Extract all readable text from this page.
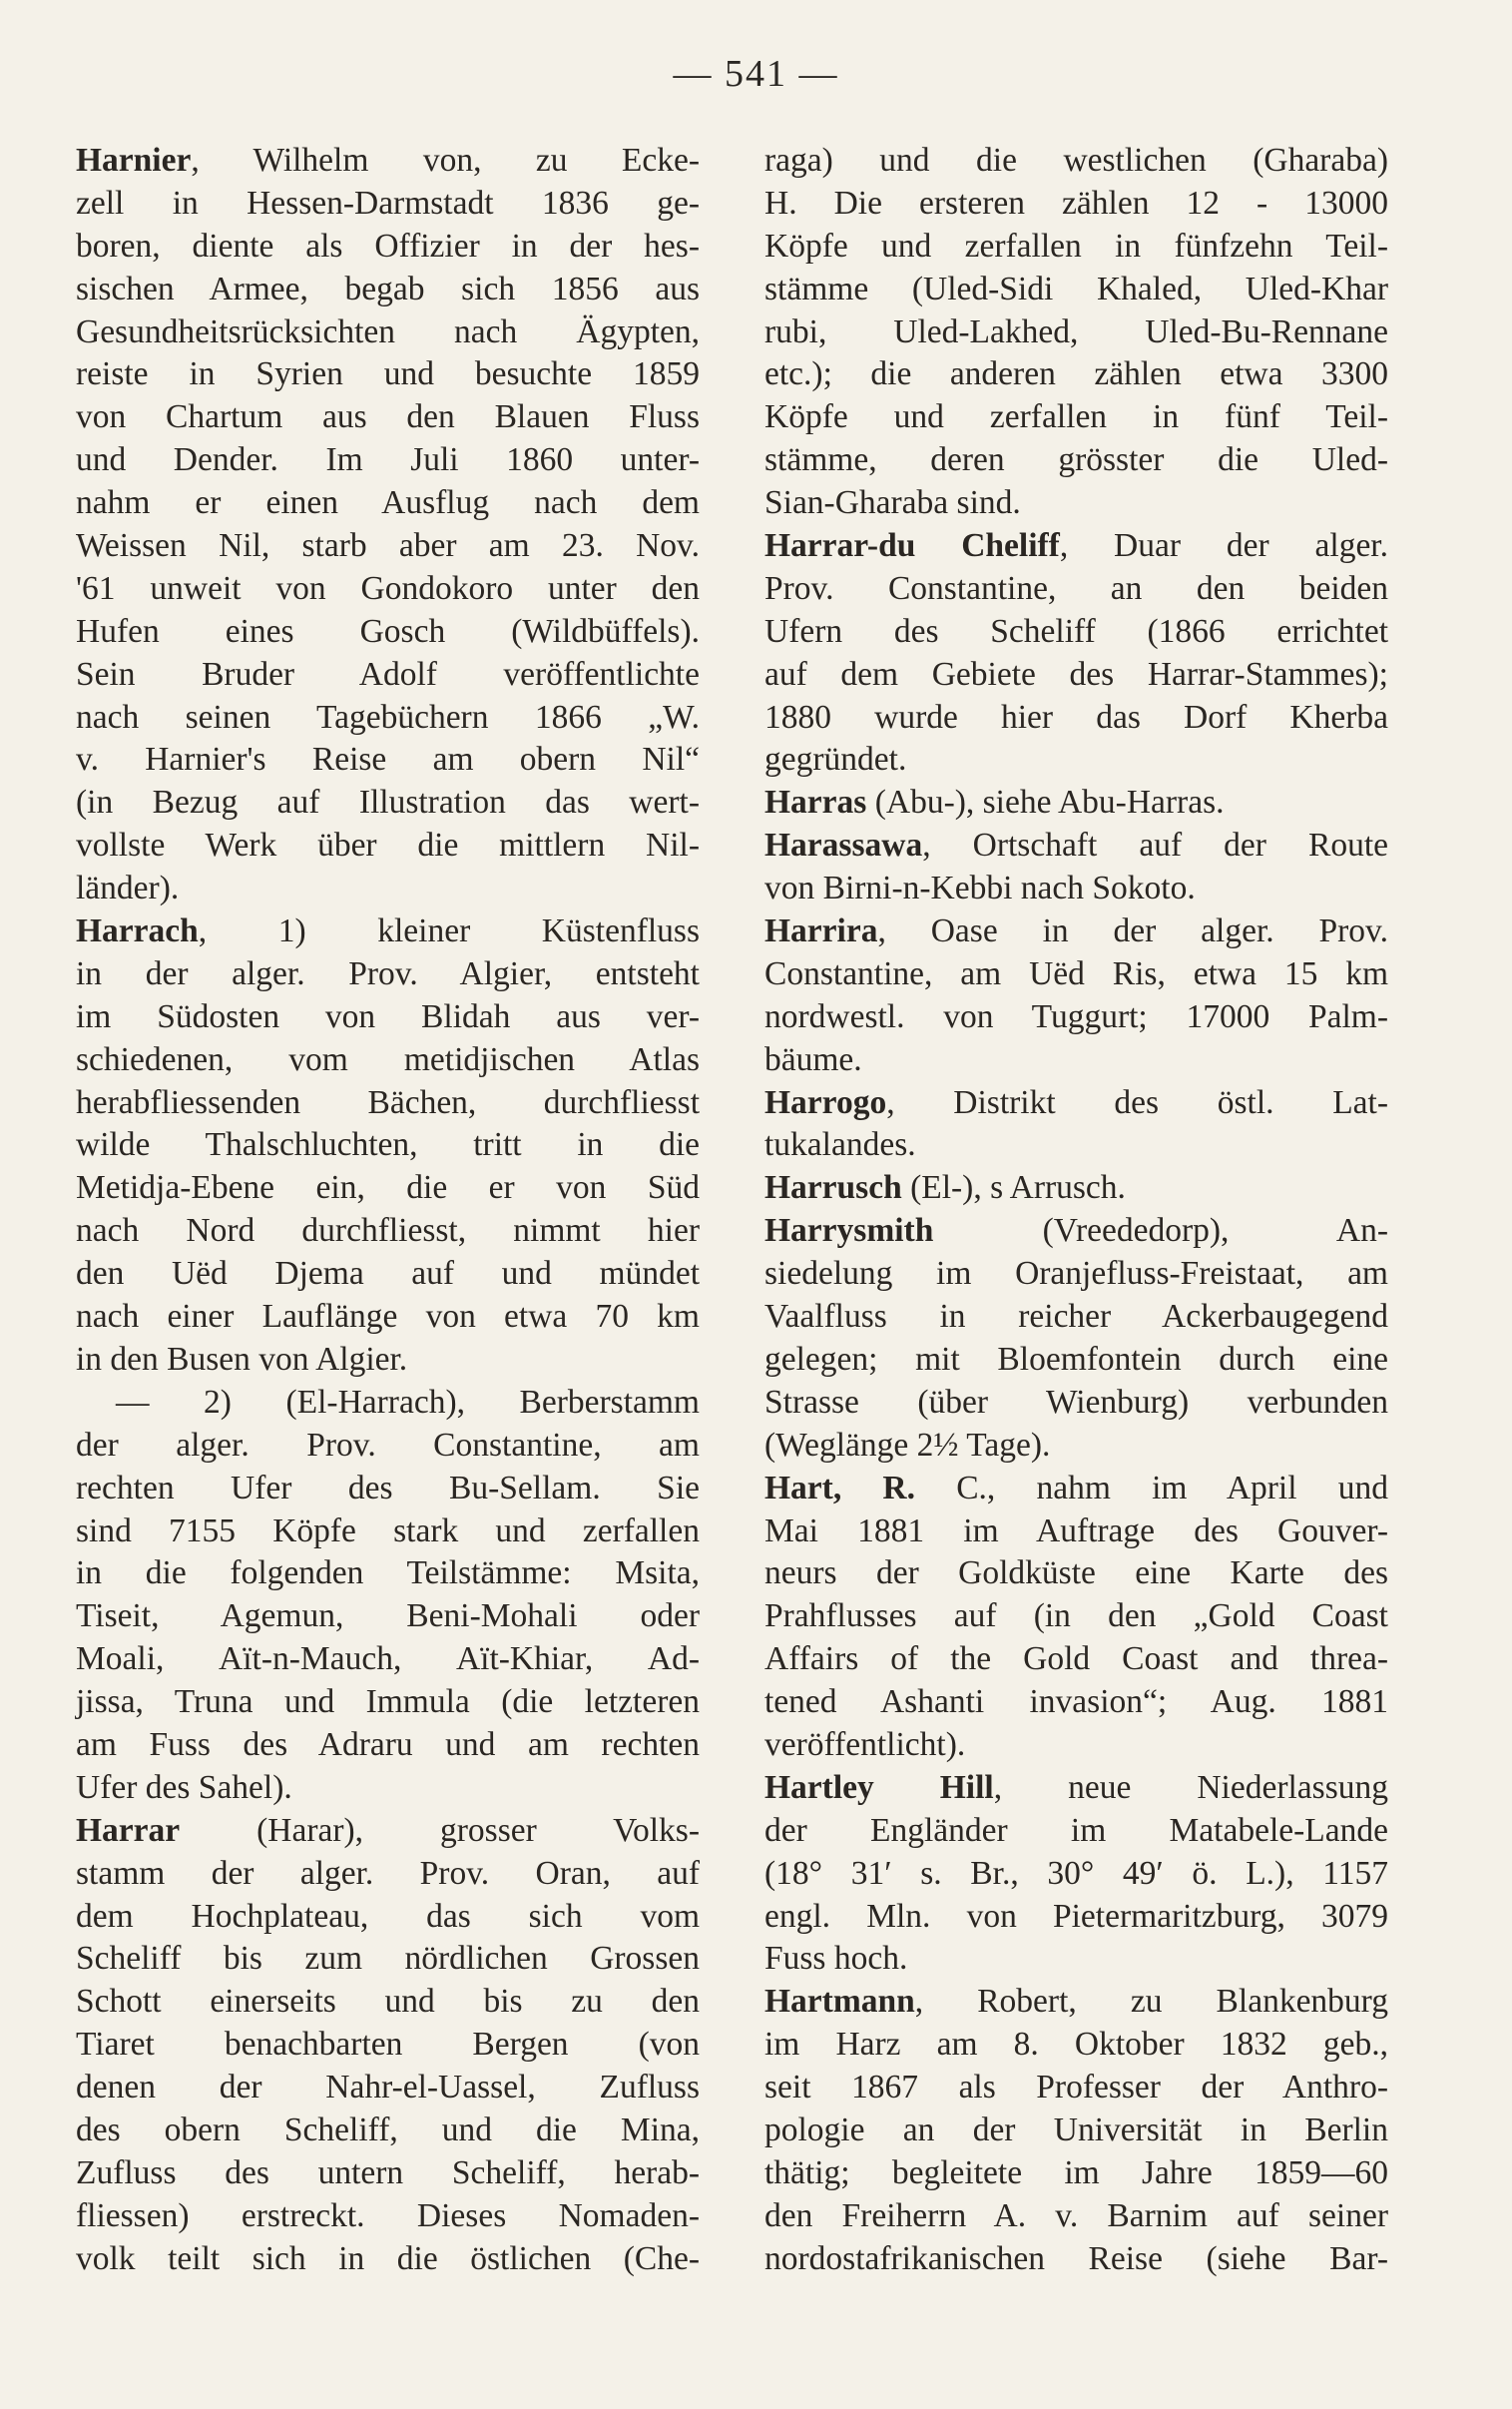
— 541 —
Harnier, Wilhelm von, zu Ecke-
zell in Hessen-Darmstadt 1836 ge-
boren, diente als Offizier in der hes-
sischen Armee, begab sich 1856 aus
Gesundheitsrücksichten nach Ägypten,
reiste in Syrien und besuchte 1859
von Chartum aus den Blauen Fluss
und Dender. Im Juli 1860 unter-
nahm er einen Ausflug nach dem
Weissen Nil, starb aber am 23. Nov.
'61 unweit von Gondokoro unter den
Hufen eines Gosch (Wildbüffels).
Sein Bruder Adolf veröffentlichte
nach seinen Tagebüchern 1866 „W.
v. Harnier's Reise am obern Nil“
(in Bezug auf Illustration das wert-
vollste Werk über die mittlern Nil-
länder).
Harrach, 1) kleiner Küstenfluss
in der alger. Prov. Algier, entsteht
im Südosten von Blidah aus ver-
schiedenen, vom metidjischen Atlas
herabfliessenden Bächen, durchfliesst
wilde Thalschluchten, tritt in die
Metidja-Ebene ein, die er von Süd
nach Nord durchfliesst, nimmt hier
den Uëd Djema auf und mündet
nach einer Lauflänge von etwa 70 km
in den Busen von Algier.
— 2) (El-Harrach), Berberstamm
der alger. Prov. Constantine, am
rechten Ufer des Bu-Sellam. Sie
sind 7155 Köpfe stark und zerfallen
in die folgenden Teilstämme: Msita,
Tiseit, Agemun, Beni-Mohali oder
Moali, Aït-n-Mauch, Aït-Khiar, Ad-
jissa, Truna und Immula (die letzteren
am Fuss des Adraru und am rechten
Ufer des Sahel).
Harrar (Harar), grosser Volks-
stamm der alger. Prov. Oran, auf
dem Hochplateau, das sich vom
Scheliff bis zum nördlichen Grossen
Schott einerseits und bis zu den
Tiaret benachbarten Bergen (von
denen der Nahr-el-Uassel, Zufluss
des obern Scheliff, und die Mina,
Zufluss des untern Scheliff, herab-
fliessen) erstreckt. Dieses Nomaden-
volk teilt sich in die östlichen (Che-
raga) und die westlichen (Gharaba)
H. Die ersteren zählen 12 - 13000
Köpfe und zerfallen in fünfzehn Teil-
stämme (Uled-Sidi Khaled, Uled-Khar
rubi, Uled-Lakhed, Uled-Bu-Rennane
etc.); die anderen zählen etwa 3300
Köpfe und zerfallen in fünf Teil-
stämme, deren grösster die Uled-
Sian-Gharaba sind.
Harrar-du Cheliff, Duar der alger.
Prov. Constantine, an den beiden
Ufern des Scheliff (1866 errichtet
auf dem Gebiete des Harrar-Stammes);
1880 wurde hier das Dorf Kherba
gegründet.
Harras (Abu-), siehe Abu-Harras.
Harassawa, Ortschaft auf der Route
von Birni-n-Kebbi nach Sokoto.
Harrira, Oase in der alger. Prov.
Constantine, am Uëd Ris, etwa 15 km
nordwestl. von Tuggurt; 17000 Palm-
bäume.
Harrogo, Distrikt des östl. Lat-
tukalandes.
Harrusch (El-), s Arrusch.
Harrysmith (Vreededorp), An-
siedelung im Oranjefluss-Freistaat, am
Vaalfluss in reicher Ackerbaugegend
gelegen; mit Bloemfontein durch eine
Strasse (über Wienburg) verbunden
(Weglänge 2½ Tage).
Hart, R. C., nahm im April und
Mai 1881 im Auftrage des Gouver-
neurs der Goldküste eine Karte des
Prahflusses auf (in den „Gold Coast
Affairs of the Gold Coast and threa-
tened Ashanti invasion“; Aug. 1881
veröffentlicht).
Hartley Hill, neue Niederlassung
der Engländer im Matabele-Lande
(18° 31′ s. Br., 30° 49′ ö. L.), 1157
engl. Mln. von Pietermaritzburg, 3079
Fuss hoch.
Hartmann, Robert, zu Blankenburg
im Harz am 8. Oktober 1832 geb.,
seit 1867 als Professer der Anthro-
pologie an der Universität in Berlin
thätig; begleitete im Jahre 1859—60
den Freiherrn A. v. Barnim auf seiner
nordostafrikanischen Reise (siehe Bar-
